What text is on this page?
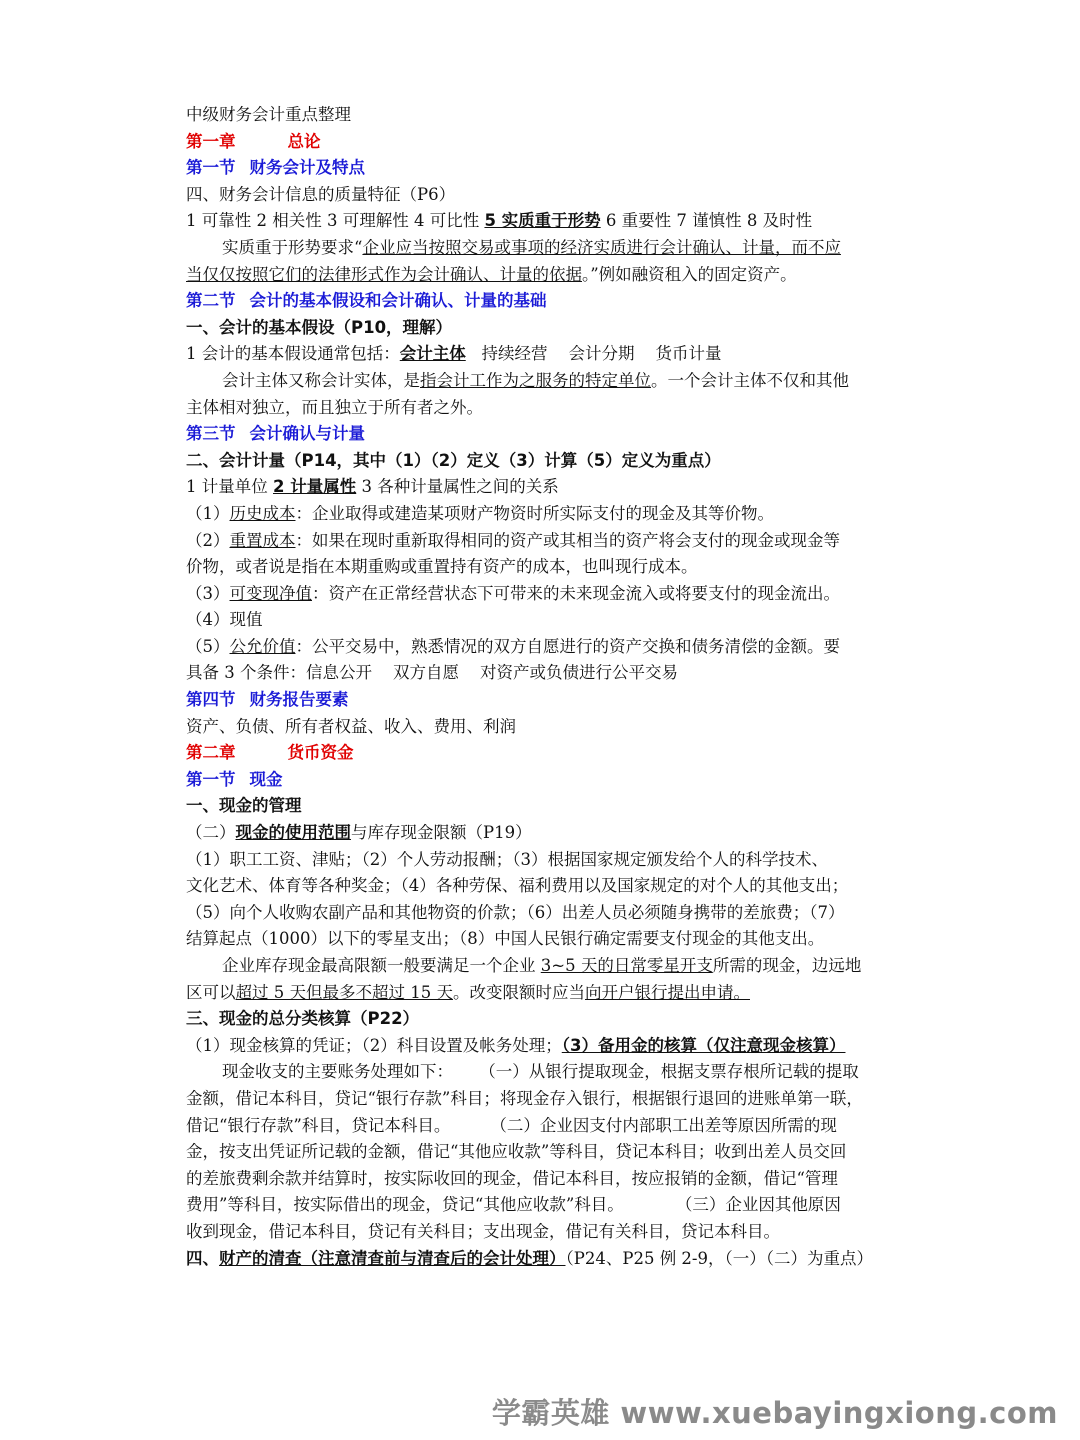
中级财务会计重点整理
第一章	总论
第一节 财务会计及特点
四、财务会计信息的质量特征（P6）
1 可靠性 2 相关性 3 可理解性 4 可比性 5 实质重于形势 6 重要性 7 谨慎性 8 及时性
实质重于形势要求“企业应当按照交易或事项的经济实质进行会计确认、计量，而不应
当仅仅按照它们的法律形式作为会计确认、计量的依据。”例如融资租入的固定资产。
第二节 会计的基本假设和会计确认、计量的基础
一、会计的基本假设（P10，理解）
1 会计的基本假设通常包括：会计主体   持续经营    会计分期    货币计量
会计主体又称会计实体，是指会计工作为之服务的特定单位。一个会计主体不仅和其他
主体相对独立，而且独立于所有者之外。
第三节 会计确认与计量
二、会计计量（P14，其中（1）（2）定义（3）计算（5）定义为重点）
1 计量单位 2 计量属性 3 各种计量属性之间的关系
（1）历史成本：企业取得或建造某项财产物资时所实际支付的现金及其等价物。
（2）重置成本：如果在现时重新取得相同的资产或其相当的资产将会支付的现金或现金等
价物，或者说是指在本期重购或重置持有资产的成本，也叫现行成本。
（3）可变现净值：资产在正常经营状态下可带来的未来现金流入或将要支付的现金流出。
（4）现值
（5）公允价值：公平交易中，熟悉情况的双方自愿进行的资产交换和债务清偿的金额。要
具备 3 个条件：信息公开    双方自愿    对资产或负债进行公平交易
第四节 财务报告要素
资产、负债、所有者权益、收入、费用、利润
第二章	货币资金
第一节 现金
一、现金的管理
（二）现金的使用范围与库存现金限额（P19）
（1）职工工资、津贴；（2）个人劳动报酬；（3）根据国家规定颁发给个人的科学技术、
文化艺术、体育等各种奖金；（4）各种劳保、福利费用以及国家规定的对个人的其他支出；
（5）向个人收购农副产品和其他物资的价款；（6）出差人员必须随身携带的差旅费；（7）
结算起点（1000）以下的零星支出；（8）中国人民银行确定需要支付现金的其他支出。
企业库存现金最高限额一般要满足一个企业 3~5 天的日常零星开支所需的现金，边远地
区可以超过 5 天但最多不超过 15 天。改变限额时应当向开户银行提出申请。
三、现金的总分类核算（P22）
（1）现金核算的凭证；（2）科目设置及帐务处理；（3）备用金的核算（仅注意现金核算）
现金收支的主要账务处理如下：     （一）从银行提取现金，根据支票存根所记载的提取
金额，借记本科目，贷记“银行存款”科目；将现金存入银行，根据银行退回的进账单第一联，
借记“银行存款”科目，贷记本科目。 （二）企业因支付内部职工出差等原因所需的现
金，按支出凭证所记载的金额，借记“其他应收款”等科目，贷记本科目；收到出差人员交回
的差旅费剩余款并结算时，按实际收回的现金，借记本科目，按应报销的金额，借记“管理
费用”等科目，按实际借出的现金，贷记“其他应收款”科目。	（三）企业因其他原因
收到现金，借记本科目，贷记有关科目；支出现金，借记有关科目，贷记本科目。
四、财产的清查（注意清查前与清查后的会计处理）（P24、P25 例 2-9，（一）（二）为重点）
学霸英雄 www.xuebayingxiong.com
